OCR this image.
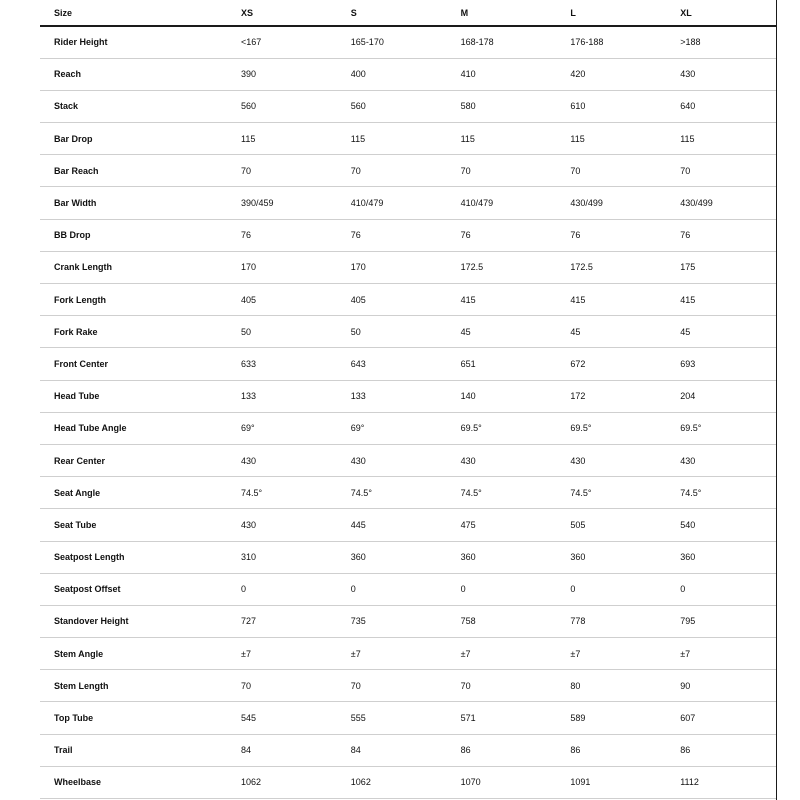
Size	XS	S	M	L	XL
Rider Height	<167	165-170	168-178	176-188	>188
Reach	390	400	410	420	430
Stack	560	560	580	610	640
Bar Drop	115	115	115	115	115
Bar Reach	70	70	70	70	70
Bar Width	390/459	410/479	410/479	430/499	430/499
BB Drop	76	76	76	76	76
Crank Length	170	170	172.5	172.5	175
Fork Length	405	405	415	415	415
Fork Rake	50	50	45	45	45
Front Center	633	643	651	672	693
Head Tube	133	133	140	172	204
Head Tube Angle	69°	69°	69.5°	69.5°	69.5°
Rear Center	430	430	430	430	430
Seat Angle	74.5°	74.5°	74.5°	74.5°	74.5°
Seat Tube	430	445	475	505	540
Seatpost Length	310	360	360	360	360
Seatpost Offset	0	0	0	0	0
Standover Height	727	735	758	778	795
Stem Angle	±7	±7	±7	±7	±7
Stem Length	70	70	70	80	90
Top Tube	545	555	571	589	607
Trail	84	84	86	86	86
Wheelbase	1062	1062	1070	1091	1112
